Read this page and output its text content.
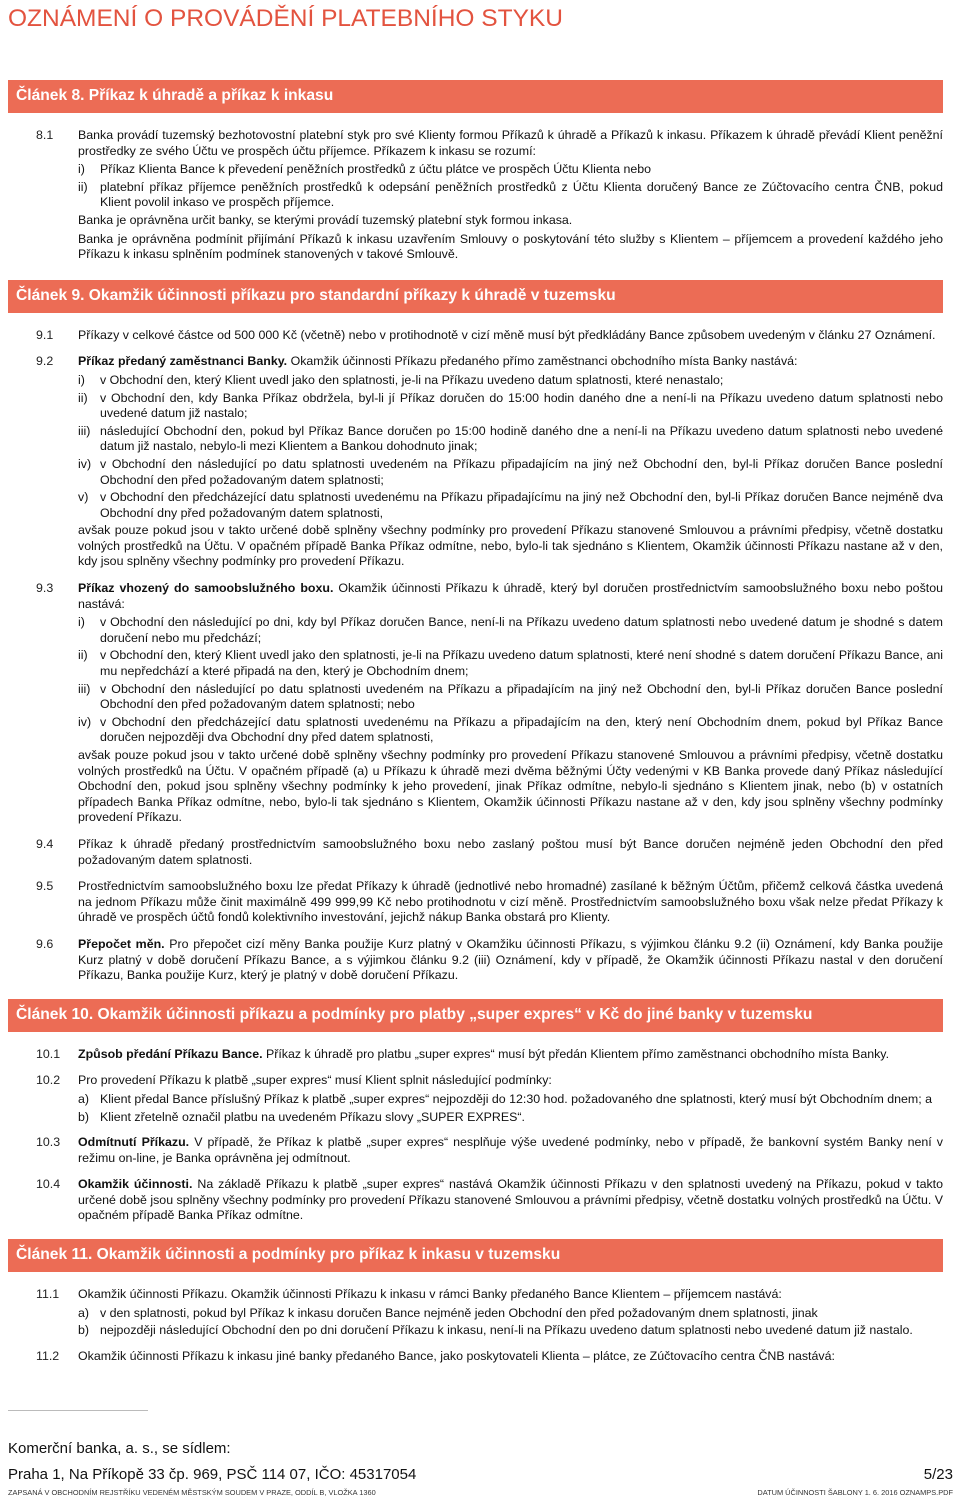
OZNÁMENÍ O PROVÁDĚNÍ PLATEBNÍHO STYKU
Článek 8. Příkaz k úhradě a příkaz k inkasu
8.1	Banka provádí tuzemský bezhotovostní platební styk pro své Klienty formou Příkazů k úhradě a Příkazů k inkasu. Příkazem k úhradě převádí Klient peněžní prostředky ze svého Účtu ve prospěch účtu příjemce. Příkazem k inkasu se rozumí:

i)	Příkaz Klienta Bance k převedení peněžních prostředků z účtu plátce ve prospěch Účtu Klienta nebo
ii) platební příkaz příjemce peněžních prostředků k odepsání peněžních prostředků z Účtu Klienta doručený Bance ze Zúčtovacího centra ČNB, pokud Klient povolil inkaso ve prospěch příjemce.

Banka je oprávněna určit banky, se kterými provádí tuzemský platební styk formou inkasa.

Banka je oprávněna podmínit přijímání Příkazů k inkasu uzavřením Smlouvy o poskytování této služby s Klientem – příjemcem a provedení každého jeho Příkazu k inkasu splněním podmínek stanovených v takové Smlouvě.

Článek 9. Okamžik účinnosti příkazu pro standardní příkazy k úhradě v tuzemsku
9.1	Příkazy v celkové částce od 500 000 Kč (včetně) nebo v protihodnotě v cizí měně musí být předkládány Bance způsobem uvedeným v článku 27 Oznámení.

9.2	Příkaz předaný zaměstnanci Banky. Okamžik účinnosti Příkazu předaného přímo zaměstnanci obchodního místa Banky nastává:

i)	v Obchodní den, který Klient uvedl jako den splatnosti, je-li na Příkazu uvedeno datum splatnosti, které nenastalo;
ii) v Obchodní den, kdy Banka Příkaz obdržela, byl-li jí Příkaz doručen do 15:00 hodin daného dne a není-li na Příkazu uvedeno datum splatnosti nebo uvedené datum již nastalo;
iii) následující Obchodní den, pokud byl Příkaz Bance doručen po 15:00 hodině daného dne a není-li na Příkazu uvedeno datum splatnosti nebo uvedené datum již nastalo, nebylo-li mezi Klientem a Bankou dohodnuto jinak;
iv) v Obchodní den následující po datu splatnosti uvedeném na Příkazu připadajícím na jiný než Obchodní den, byl-li Příkaz doručen Bance poslední Obchodní den před požadovaným datem splatnosti;
v) v Obchodní den předcházející datu splatnosti uvedenému na Příkazu připadajícímu na jiný než Obchodní den, byl-li Příkaz doručen Bance nejméně dva Obchodní dny před požadovaným datem splatnosti,

avšak pouze pokud jsou v takto určené době splněny všechny podmínky pro provedení Příkazu stanovené Smlouvou a právními předpisy, včetně dostatku volných prostředků na Účtu. V opačném případě Banka Příkaz odmítne, nebo, bylo-li tak sjednáno s Klientem, Okamžik účinnosti Příkazu nastane až v den, kdy jsou splněny všechny podmínky pro provedení Příkazu.

9.3	Příkaz vhozený do samoobslužného boxu. Okamžik účinnosti Příkazu k úhradě, který byl doručen prostřednictvím samoobslužného boxu nebo poštou nastává:

i)	v Obchodní den následující po dni, kdy byl Příkaz doručen Bance, není-li na Příkazu uvedeno datum splatnosti nebo uvedené datum je shodné s datem doručení nebo mu předchází;
ii) v Obchodní den, který Klient uvedl jako den splatnosti, je-li na Příkazu uvedeno datum splatnosti, které není shodné s datem doručení Příkazu Bance, ani mu nepředchází a které připadá na den, který je Obchodním dnem;
iii) v Obchodní den následující po datu splatnosti uvedeném na Příkazu a připadajícím na jiný než Obchodní den, byl-li Příkaz doručen Bance poslední Obchodní den před požadovaným datem splatnosti; nebo
iv) v Obchodní den předcházející datu splatnosti uvedenému na Příkazu a připadajícím na den, který není Obchodním dnem, pokud byl Příkaz Bance doručen nejpozději dva Obchodní dny před datem splatnosti,

avšak pouze pokud jsou v takto určené době splněny všechny podmínky pro provedení Příkazu stanovené Smlouvou a právními předpisy, včetně dostatku volných prostředků na Účtu. V opačném případě (a) u Příkazu k úhradě mezi dvěma běžnými Účty vedenými v KB Banka provede daný Příkaz následující Obchodní den, pokud jsou splněny všechny podmínky k jeho provedení, jinak Příkaz odmítne, nebylo-li sjednáno s Klientem jinak, nebo (b) v ostatních případech Banka Příkaz odmítne, nebo, bylo-li tak sjednáno s Klientem, Okamžik účinnosti Příkazu nastane až v den, kdy jsou splněny všechny podmínky provedení Příkazu.

9.4	Příkaz k úhradě předaný prostřednictvím samoobslužného boxu nebo zaslaný poštou musí být Bance doručen nejméně jeden Obchodní den před požadovaným datem splatnosti.

9.5	Prostřednictvím samoobslužného boxu lze předat Příkazy k úhradě (jednotlivé nebo hromadné) zasílané k běžným Účtům, přičemž celková částka uvedená na jednom Příkazu může činit maximálně 499 999,99 Kč nebo protihodnotu v cizí měně. Prostřednictvím samoobslužného boxu však nelze předat Příkazy k úhradě ve prospěch účtů fondů kolektivního investování, jejichž nákup Banka obstará pro Klienty.

9.6	Přepočet měn. Pro přepočet cizí měny Banka použije Kurz platný v Okamžiku účinnosti Příkazu, s výjimkou článku 9.2 (ii) Oznámení, kdy Banka použije Kurz platný v době doručení Příkazu Bance, a s výjimkou článku 9.2 (iii) Oznámení, kdy v případě, že Okamžik účinnosti Příkazu nastal v den doručení Příkazu, Banka použije Kurz, který je platný v době doručení Příkazu.

Článek 10. Okamžik účinnosti příkazu a podmínky pro platby „super expres“ v Kč do jiné banky v tuzemsku
10.1	Způsob předání Příkazu Bance. Příkaz k úhradě pro platbu „super expres“ musí být předán Klientem přímo zaměstnanci obchodního místa Banky.

10.2	Pro provedení Příkazu k platbě „super expres“ musí Klient splnit následující podmínky:

a) Klient předal Bance příslušný Příkaz k platbě „super expres“ nejpozději do 12:30 hod. požadovaného dne splatnosti, který musí být Obchodním dnem; a
b) Klient zřetelně označil platbu na uvedeném Příkazu slovy „SUPER EXPRES“.
10.3	Odmítnutí Příkazu. V případě, že Příkaz k platbě „super expres“ nesplňuje výše uvedené podmínky, nebo v případě, že bankovní systém Banky není v režimu on-line, je Banka oprávněna jej odmítnout.

10.4	Okamžik účinnosti. Na základě Příkazu k platbě „super expres“ nastává Okamžik účinnosti Příkazu v den splatnosti uvedený na Příkazu, pokud v takto určené době jsou splněny všechny podmínky pro provedení Příkazu stanovené Smlouvou a právními předpisy, včetně dostatku volných prostředků na Účtu. V opačném případě Banka Příkaz odmítne.

Článek 11. Okamžik účinnosti a podmínky pro příkaz k inkasu v tuzemsku
11.1	Okamžik účinnosti Příkazu. Okamžik účinnosti Příkazu k inkasu v rámci Banky předaného Bance Klientem – příjemcem nastává:

a) v den splatnosti, pokud byl Příkaz k inkasu doručen Bance nejméně jeden Obchodní den před požadovaným dnem splatnosti, jinak
b) nejpozději následující Obchodní den po dni doručení Příkazu k inkasu, není-li na Příkazu uvedeno datum splatnosti nebo uvedené datum již nastalo.
11.2	Okamžik účinnosti Příkazu k inkasu jiné banky předaného Bance, jako poskytovateli Klienta – plátce, ze Zúčtovacího centra ČNB nastává:

Komerční banka, a. s., se sídlem:
Praha 1, Na Příkopě 33 čp. 969, PSČ 114 07, IČO: 45317054	5/23
ZAPSANÁ V OBCHODNÍM REJSTŘÍKU VEDENÉM MĚSTSKÝM SOUDEM V PRAZE, ODDÍL B, VLOŽKA 1360	DATUM ÚČINNOSTI ŠABLONY 1. 6. 2016 OZNAMPS.PDF
